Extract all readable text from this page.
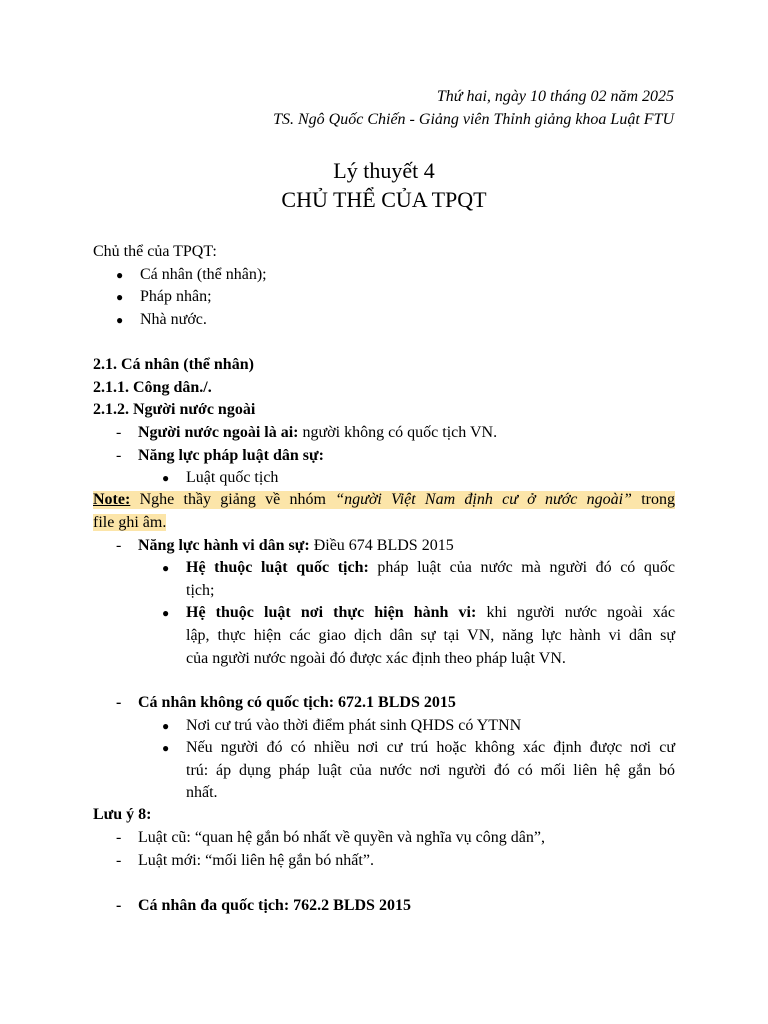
Thứ hai, ngày 10 tháng 02 năm 2025
TS. Ngô Quốc Chiến - Giảng viên Thỉnh giảng khoa Luật FTU
Lý thuyết 4
CHỦ THỂ CỦA TPQT
Chủ thể của TPQT:
● Cá nhân (thể nhân);
● Pháp nhân;
● Nhà nước.
2.1. Cá nhân (thể nhân)
2.1.1. Công dân./.
2.1.2. Người nước ngoài
- Người nước ngoài là ai: người không có quốc tịch VN.
- Năng lực pháp luật dân sự:
● Luật quốc tịch
Note: Nghe thầy giảng về nhóm “người Việt Nam định cư ở nước ngoài” trong
file ghi âm.
- Năng lực hành vi dân sự: Điều 674 BLDS 2015
● Hệ thuộc luật quốc tịch: pháp luật của nước mà người đó có quốc
tịch;
● Hệ thuộc luật nơi thực hiện hành vi: khi người nước ngoài xác
lập, thực hiện các giao dịch dân sự tại VN, năng lực hành vi dân sự
của người nước ngoài đó được xác định theo pháp luật VN.
- Cá nhân không có quốc tịch: 672.1 BLDS 2015
● Nơi cư trú vào thời điểm phát sinh QHDS có YTNN
● Nếu người đó có nhiều nơi cư trú hoặc không xác định được nơi cư
trú: áp dụng pháp luật của nước nơi người đó có mối liên hệ gắn bó
nhất.
Lưu ý 8:
- Luật cũ: “quan hệ gắn bó nhất về quyền và nghĩa vụ công dân”,
- Luật mới: “mối liên hệ gắn bó nhất”.
- Cá nhân đa quốc tịch: 762.2 BLDS 2015
